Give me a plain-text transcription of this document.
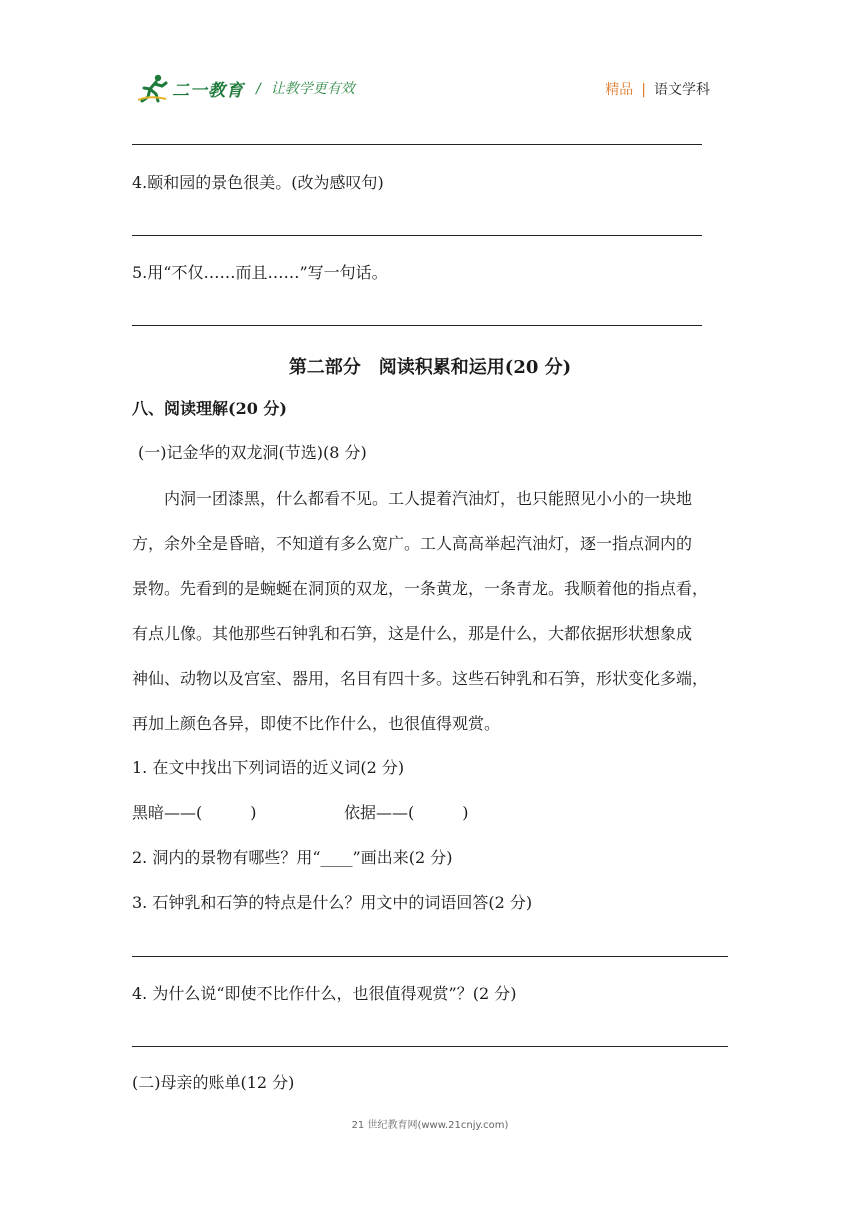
二一教育 / 让教学更有效	精品 | 语文学科
4.颐和园的景色很美。(改为感叹句)
5.用“不仅……而且……”写一句话。
第二部分　阅读积累和运用(20 分)
八、阅读理解(20 分)
(一)记金华的双龙洞(节选)(8 分)
内洞一团漆黑，什么都看不见。工人提着汽油灯，也只能照见小小的一块地
方，余外全是昏暗，不知道有多么宽广。工人高高举起汽油灯，逐一指点洞内的
景物。先看到的是蜿蜒在洞顶的双龙，一条黄龙，一条青龙。我顺着他的指点看，
有点儿像。其他那些石钟乳和石笋，这是什么，那是什么，大都依据形状想象成
神仙、动物以及宫室、器用，名目有四十多。这些石钟乳和石笋，形状变化多端，
再加上颜色各异，即使不比作什么，也很值得观赏。
1. 在文中找出下列词语的近义词(2 分)
黑暗——(　　　)	依据——(　　　)
2. 洞内的景物有哪些？用“____”画出来(2 分)
3. 石钟乳和石笋的特点是什么？用文中的词语回答(2 分)
4. 为什么说“即使不比作什么，也很值得观赏”？(2 分)
(二)母亲的账单(12 分)
21 世纪教育网(www.21cnjy.com)
